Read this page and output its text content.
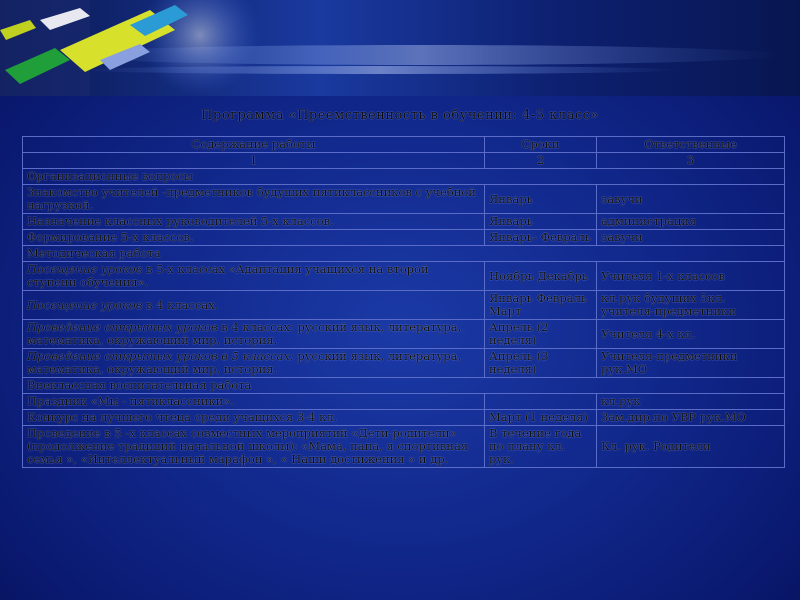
Программа «Преемственность в обучении: 4-5 класс»
Содержание работы	Сроки	Ответственные
1	2	3
Организационные вопросы		
Знакомство учителей -предметников будущих пятиклассников с учебной нагрузкой.	Январь	завучи
Назначение классных руководителей 5-х классов.	Январь	администрация
Формирование 5-х классов.	Январь- Февраль	завучи
Методическая работа		
Посещение уроков в 5-х классах «Адаптация учащихся на второй ступени обучения».	Ноябрь Декабрь	Учителя 1-х классов
Посещение уроков в 4 классах.	Январь Февраль Март	кл.рук будущих 5кл. учителя-предметники
Проведение открытых уроков в 4 классах: русский язык, литература, математика, окружающий мир, история.	Апрель (2 неделя)	Учителя 4-х кл.
Проведение открытых уроков в 5 классах: русский язык, литература, математика, окружающий мир, история.	Апрель (3 неделя)	Учителя-предметники рук.МО
Внеклассная воспитательная работа		
Праздник «Мы - пятиклассники».		кл.рук
Конкурс на лучшего чтеца среди учащихся 3-4 кл.	Март (1 неделя)	Зам.дир.по УВР рук.МО
Проведение в 5 -х классах совместных мероприятий «Дети-родители» (продолжение традиций начальной школы): «Мама, папа, я спортивная семья », «Интеллектуальный марафон », « Наши достижения » и др.	В течение года по плану кл. рук.	Кл. рук. Родители
